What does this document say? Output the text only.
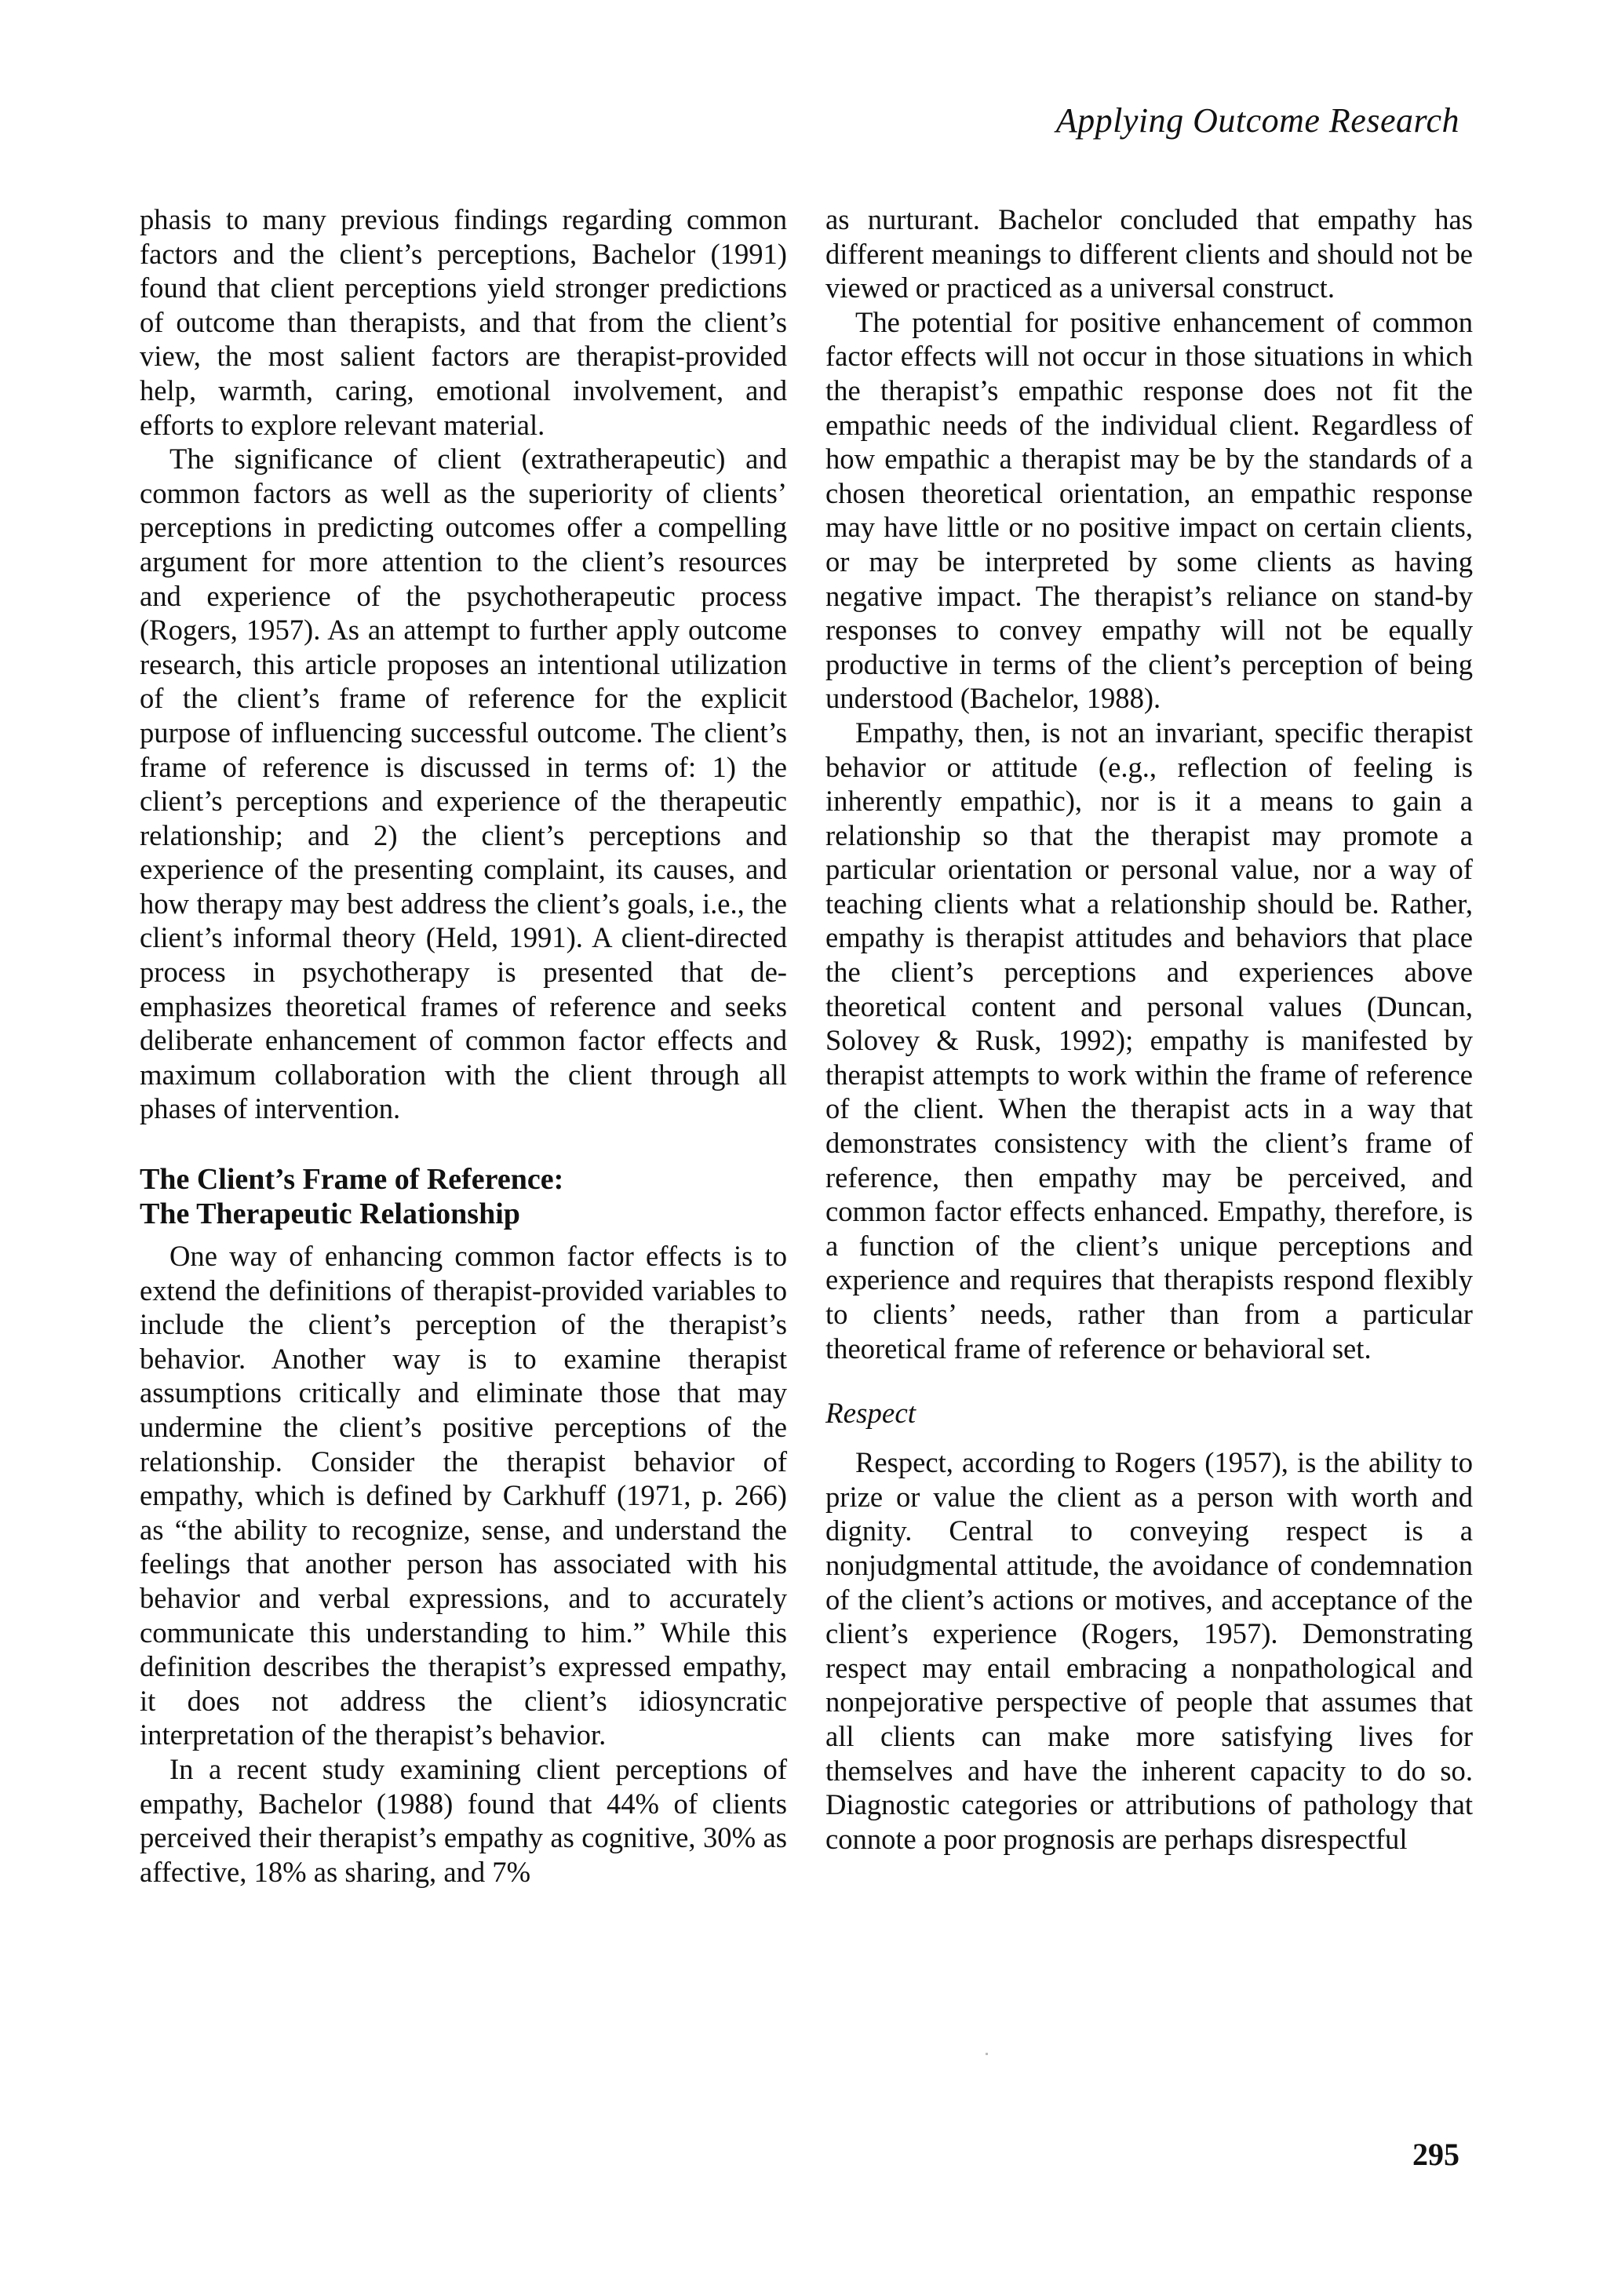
Applying Outcome Research

phasis to many previous findings regarding common factors and the client’s perceptions, Bachelor (1991) found that client perceptions yield stronger predictions of outcome than therapists, and that from the client’s view, the most salient factors are therapist-provided help, warmth, caring, emotional involvement, and efforts to explore relevant material.

The significance of client (extratherapeutic) and common factors as well as the superiority of clients’ perceptions in predicting outcomes offer a compelling argument for more attention to the client’s resources and experience of the psychotherapeutic process (Rogers, 1957). As an attempt to further apply outcome research, this article proposes an intentional utilization of the client’s frame of reference for the explicit purpose of influencing successful outcome. The client’s frame of reference is discussed in terms of: 1) the client’s perceptions and experience of the therapeutic relationship; and 2) the client’s perceptions and experience of the presenting complaint, its causes, and how therapy may best address the client’s goals, i.e., the client’s informal theory (Held, 1991). A client-directed process in psychotherapy is presented that de-emphasizes theoretical frames of reference and seeks deliberate enhancement of common factor effects and maximum collaboration with the client through all phases of intervention.

The Client’s Frame of Reference:
The Therapeutic Relationship

One way of enhancing common factor effects is to extend the definitions of therapist-provided variables to include the client’s perception of the therapist’s behavior. Another way is to examine therapist assumptions critically and eliminate those that may undermine the client’s positive perceptions of the relationship. Consider the therapist behavior of empathy, which is defined by Carkhuff (1971, p. 266) as “the ability to recognize, sense, and understand the feelings that another person has associated with his behavior and verbal expressions, and to accurately communicate this understanding to him.” While this definition describes the therapist’s expressed empathy, it does not address the client’s idiosyncratic interpretation of the therapist’s behavior.

In a recent study examining client perceptions of empathy, Bachelor (1988) found that 44% of clients perceived their therapist’s empathy as cognitive, 30% as affective, 18% as sharing, and 7%

as nurturant. Bachelor concluded that empathy has different meanings to different clients and should not be viewed or practiced as a universal construct.

The potential for positive enhancement of common factor effects will not occur in those situations in which the therapist’s empathic response does not fit the empathic needs of the individual client. Regardless of how empathic a therapist may be by the standards of a chosen theoretical orientation, an empathic response may have little or no positive impact on certain clients, or may be interpreted by some clients as having negative impact. The therapist’s reliance on stand-by responses to convey empathy will not be equally productive in terms of the client’s perception of being understood (Bachelor, 1988).

Empathy, then, is not an invariant, specific therapist behavior or attitude (e.g., reflection of feeling is inherently empathic), nor is it a means to gain a relationship so that the therapist may promote a particular orientation or personal value, nor a way of teaching clients what a relationship should be. Rather, empathy is therapist attitudes and behaviors that place the client’s perceptions and experiences above theoretical content and personal values (Duncan, Solovey & Rusk, 1992); empathy is manifested by therapist attempts to work within the frame of reference of the client. When the therapist acts in a way that demonstrates consistency with the client’s frame of reference, then empathy may be perceived, and common factor effects enhanced. Empathy, therefore, is a function of the client’s unique perceptions and experience and requires that therapists respond flexibly to clients’ needs, rather than from a particular theoretical frame of reference or behavioral set.

Respect

Respect, according to Rogers (1957), is the ability to prize or value the client as a person with worth and dignity. Central to conveying respect is a nonjudgmental attitude, the avoidance of condemnation of the client’s actions or motives, and acceptance of the client’s experience (Rogers, 1957). Demonstrating respect may entail embracing a nonpathological and nonpejorative perspective of people that assumes that all clients can make more satisfying lives for themselves and have the inherent capacity to do so. Diagnostic categories or attributions of pathology that connote a poor prognosis are perhaps disrespectful

295
